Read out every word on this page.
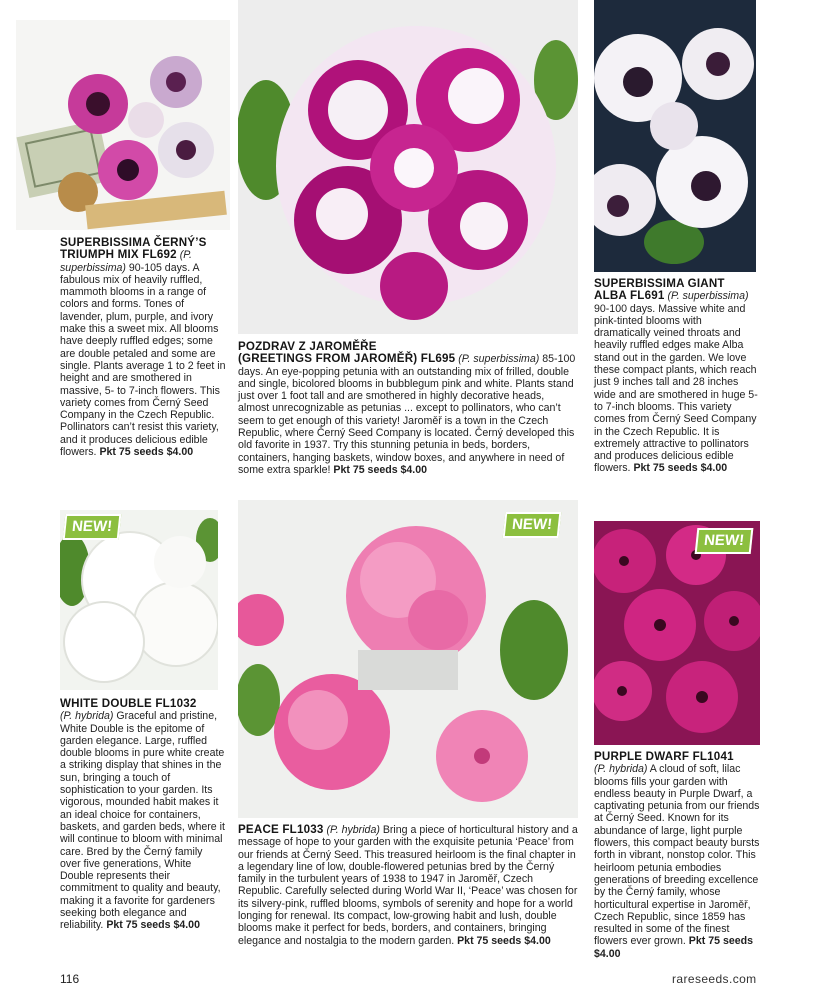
NEW!	NEW!
NEW!
SUPERBISSIMA ČERNÝ’S
TRIUMPH MIX FL692 (P. superbissima) 90-105 days. A fabulous mix of heavily ruffled, mammoth blooms in a range of colors and forms. Tones of lavender, plum, purple, and ivory make this a sweet mix. All blooms have deeply ruffled edges; some are double petaled and some are single. Plants average 1 to 2 feet in height and are smothered in massive, 5- to 7-inch flowers. This variety comes from Černý Seed Company in the Czech Republic. Pollinators can’t resist this variety, and it produces delicious edible flowers. Pkt 75 seeds $4.00
POZDRAV Z JAROMĚŘE
(GREETINGS FROM JAROMĚŘ) FL695 (P. superbissima) 85-100 days. An eye-popping petunia with an outstanding mix of frilled, double and single, bicolored blooms in bubblegum pink and white. Plants stand just over 1 foot tall and are smothered in highly decorative heads, almost unrecognizable as petunias ... except to pollinators, who can’t seem to get enough of this variety! Jaroměř is a town in the Czech Republic, where Černý Seed Company is located. Černý developed this old favorite in 1937. Try this stunning petunia in beds, borders, containers, hanging baskets, window boxes, and anywhere in need of some extra sparkle! Pkt 75 seeds $4.00
SUPERBISSIMA GIANT
ALBA FL691 (P. superbissima) 90-100 days. Massive white and pink-tinted blooms with dramatically veined throats and heavily ruffled edges make Alba stand out in the garden. We love these compact plants, which reach just 9 inches tall and 28 inches wide and are smothered in huge 5- to 7-inch blooms. This variety comes from Černý Seed Company in the Czech Republic. It is extremely attractive to pollinators and produces delicious edible flowers. Pkt 75 seeds $4.00
WHITE DOUBLE FL1032
(P. hybrida) Graceful and pristine, White Double is the epitome of garden elegance. Large, ruffled double blooms in pure white create a striking display that shines in the sun, bringing a touch of sophistication to your garden. Its vigorous, mounded habit makes it an ideal choice for containers, baskets, and garden beds, where it will continue to bloom with minimal care. Bred by the Černý family over five generations, White Double represents their commitment to quality and beauty, making it a favorite for gardeners seeking both elegance and reliability. Pkt 75 seeds $4.00
PEACE FL1033 (P. hybrida) Bring a piece of horticultural history and a message of hope to your garden with the exquisite petunia ‘Peace’ from our friends at Černý Seed. This treasured heirloom is the final chapter in a legendary line of low, double-flowered petunias bred by the Černý family in the turbulent years of 1938 to 1947 in Jaroměř, Czech Republic. Carefully selected during World War II, ‘Peace’ was chosen for its silvery-pink, ruffled blooms, symbols of serenity and hope for a world longing for renewal. Its compact, low-growing habit and lush, double blooms make it perfect for beds, borders, and containers, bringing elegance and nostalgia to the modern garden. Pkt 75 seeds $4.00
PURPLE DWARF FL1041
(P. hybrida) A cloud of soft, lilac blooms fills your garden with endless beauty in Purple Dwarf, a captivating petunia from our friends at Černý Seed. Known for its abundance of large, light purple flowers, this compact beauty bursts forth in vibrant, nonstop color. This heirloom petunia embodies generations of breeding excellence by the Černý family, whose horticultural expertise in Jaroměř, Czech Republic, since 1859 has resulted in some of the finest flowers ever grown. Pkt 75 seeds $4.00
116	rareseeds.com
